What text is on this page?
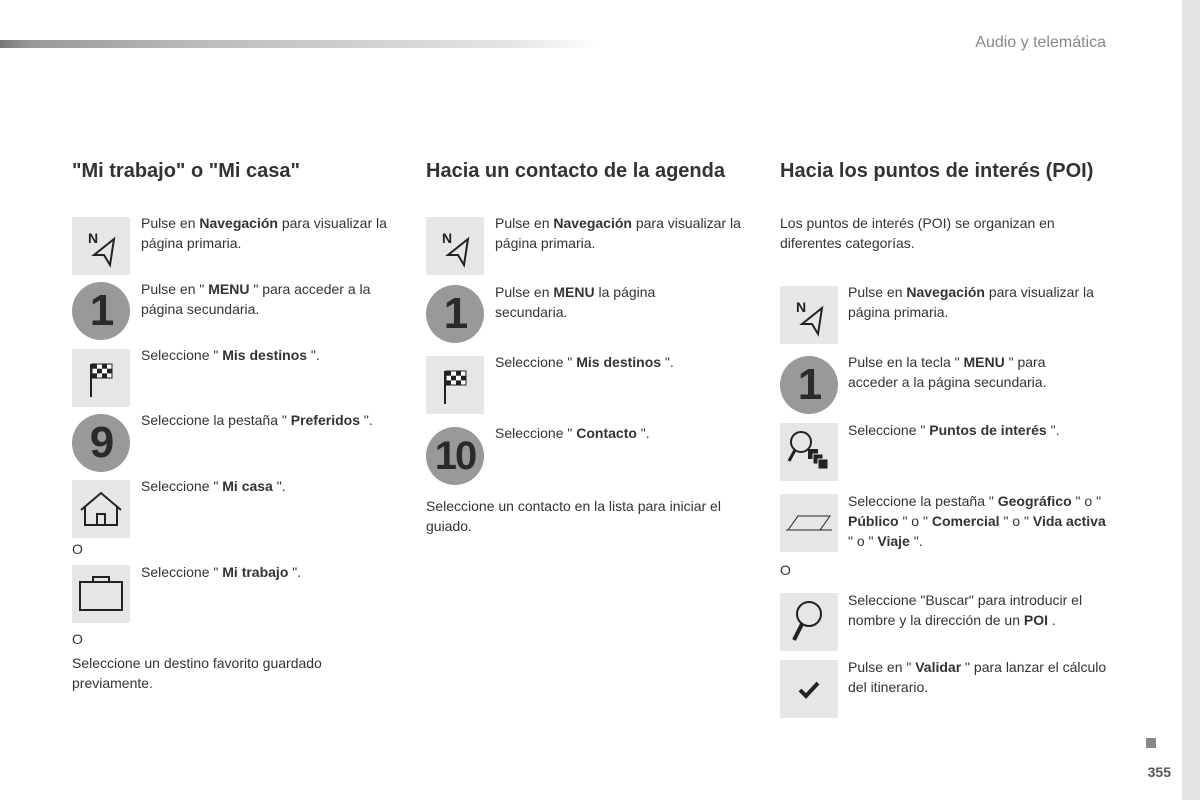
Audio y telemática
355
"Mi trabajo" o "Mi casa"
N
Pulse en Navegación para visualizar la página primaria.
1	Pulse en " MENU " para acceder a la página secundaria.
Seleccione " Mis destinos ".
9	Seleccione la pestaña " Preferidos ".
Seleccione " Mi casa ".
O
Seleccione " Mi trabajo ".
O
Seleccione un destino favorito guardado previamente.
Hacia un contacto de la agenda
N
Pulse en Navegación para visualizar la página primaria.
1	Pulse en MENU la página secundaria.
Seleccione " Mis destinos ".
10
Seleccione " Contacto ".
Seleccione un contacto en la lista para iniciar el guiado.
Hacia los puntos de interés (POI)
Los puntos de interés (POI) se organizan en diferentes categorías.
N
Pulse en Navegación para visualizar la página primaria.
1	Pulse en la tecla " MENU " para acceder a la página secundaria.
Seleccione " Puntos de interés ".
Seleccione la pestaña " Geográfico " o " Público " o " Comercial " o " Vida activa " o " Viaje ".
O
Seleccione "Buscar" para introducir el nombre y la dirección de un POI .
Pulse en " Validar " para lanzar el cálculo del itinerario.
